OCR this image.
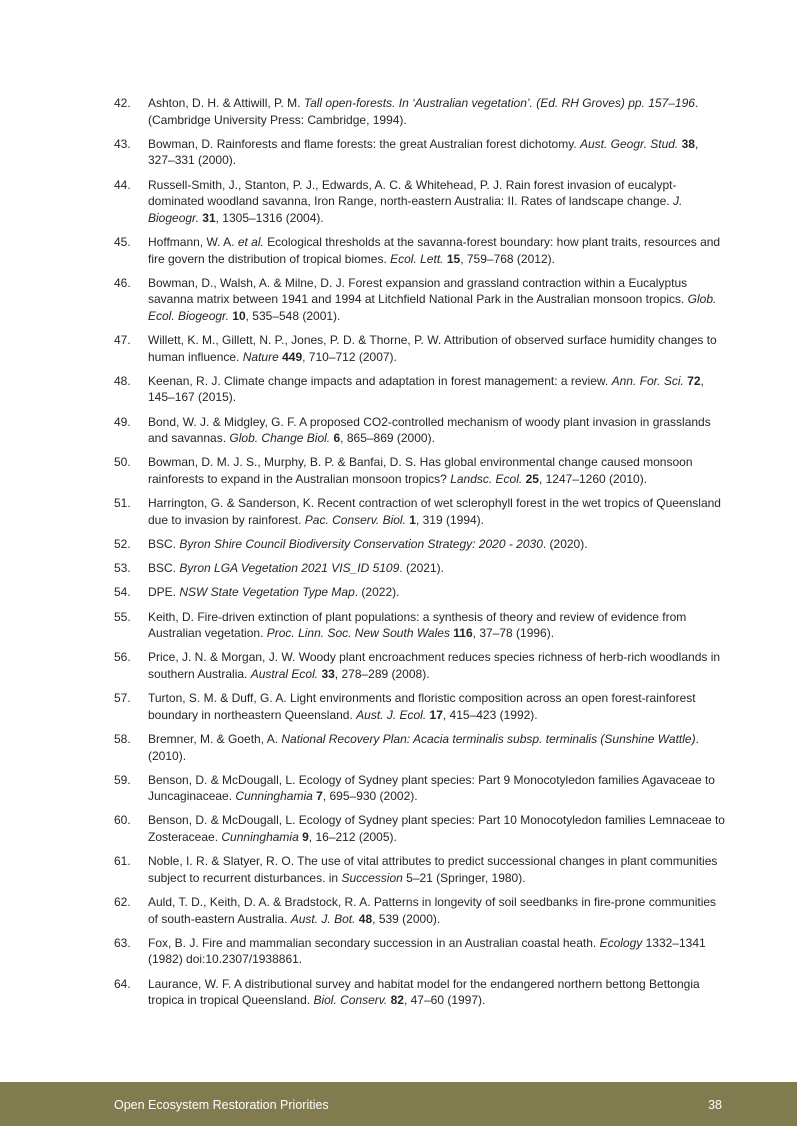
42.	Ashton, D. H. & Attiwill, P. M. Tall open-forests. In ‘Australian vegetation’. (Ed. RH Groves) pp. 157–196. (Cambridge University Press: Cambridge, 1994).
43.	Bowman, D. Rainforests and flame forests: the great Australian forest dichotomy. Aust. Geogr. Stud. 38, 327–331 (2000).
44.	Russell-Smith, J., Stanton, P. J., Edwards, A. C. & Whitehead, P. J. Rain forest invasion of eucalypt-dominated woodland savanna, Iron Range, north-eastern Australia: II. Rates of landscape change. J. Biogeogr. 31, 1305–1316 (2004).
45.	Hoffmann, W. A. et al. Ecological thresholds at the savanna-forest boundary: how plant traits, resources and fire govern the distribution of tropical biomes. Ecol. Lett. 15, 759–768 (2012).
46.	Bowman, D., Walsh, A. & Milne, D. J. Forest expansion and grassland contraction within a Eucalyptus savanna matrix between 1941 and 1994 at Litchfield National Park in the Australian monsoon tropics. Glob. Ecol. Biogeogr. 10, 535–548 (2001).
47.	Willett, K. M., Gillett, N. P., Jones, P. D. & Thorne, P. W. Attribution of observed surface humidity changes to human influence. Nature 449, 710–712 (2007).
48.	Keenan, R. J. Climate change impacts and adaptation in forest management: a review. Ann. For. Sci. 72, 145–167 (2015).
49.	Bond, W. J. & Midgley, G. F. A proposed CO2-controlled mechanism of woody plant invasion in grasslands and savannas. Glob. Change Biol. 6, 865–869 (2000).
50.	Bowman, D. M. J. S., Murphy, B. P. & Banfai, D. S. Has global environmental change caused monsoon rainforests to expand in the Australian monsoon tropics? Landsc. Ecol. 25, 1247–1260 (2010).
51.	Harrington, G. & Sanderson, K. Recent contraction of wet sclerophyll forest in the wet tropics of Queensland due to invasion by rainforest. Pac. Conserv. Biol. 1, 319 (1994).
52.	BSC. Byron Shire Council Biodiversity Conservation Strategy: 2020 - 2030. (2020).
53.	BSC. Byron LGA Vegetation 2021 VIS_ID 5109. (2021).
54.	DPE. NSW State Vegetation Type Map. (2022).
55.	Keith, D. Fire-driven extinction of plant populations: a synthesis of theory and review of evidence from Australian vegetation. Proc. Linn. Soc. New South Wales 116, 37–78 (1996).
56.	Price, J. N. & Morgan, J. W. Woody plant encroachment reduces species richness of herb-rich woodlands in southern Australia. Austral Ecol. 33, 278–289 (2008).
57.	Turton, S. M. & Duff, G. A. Light environments and floristic composition across an open forest-rainforest boundary in northeastern Queensland. Aust. J. Ecol. 17, 415–423 (1992).
58.	Bremner, M. & Goeth, A. National Recovery Plan: Acacia terminalis subsp. terminalis (Sunshine Wattle). (2010).
59.	Benson, D. & McDougall, L. Ecology of Sydney plant species: Part 9 Monocotyledon families Agavaceae to Juncaginaceae. Cunninghamia 7, 695–930 (2002).
60.	Benson, D. & McDougall, L. Ecology of Sydney plant species: Part 10 Monocotyledon families Lemnaceae to Zosteraceae. Cunninghamia 9, 16–212 (2005).
61.	Noble, I. R. & Slatyer, R. O. The use of vital attributes to predict successional changes in plant communities subject to recurrent disturbances. in Succession 5–21 (Springer, 1980).
62.	Auld, T. D., Keith, D. A. & Bradstock, R. A. Patterns in longevity of soil seedbanks in fire-prone communities of south-eastern Australia. Aust. J. Bot. 48, 539 (2000).
63.	Fox, B. J. Fire and mammalian secondary succession in an Australian coastal heath. Ecology 1332–1341 (1982) doi:10.2307/1938861.
64.	Laurance, W. F. A distributional survey and habitat model for the endangered northern bettong Bettongia tropica in tropical Queensland. Biol. Conserv. 82, 47–60 (1997).
Open Ecosystem Restoration Priorities	38
